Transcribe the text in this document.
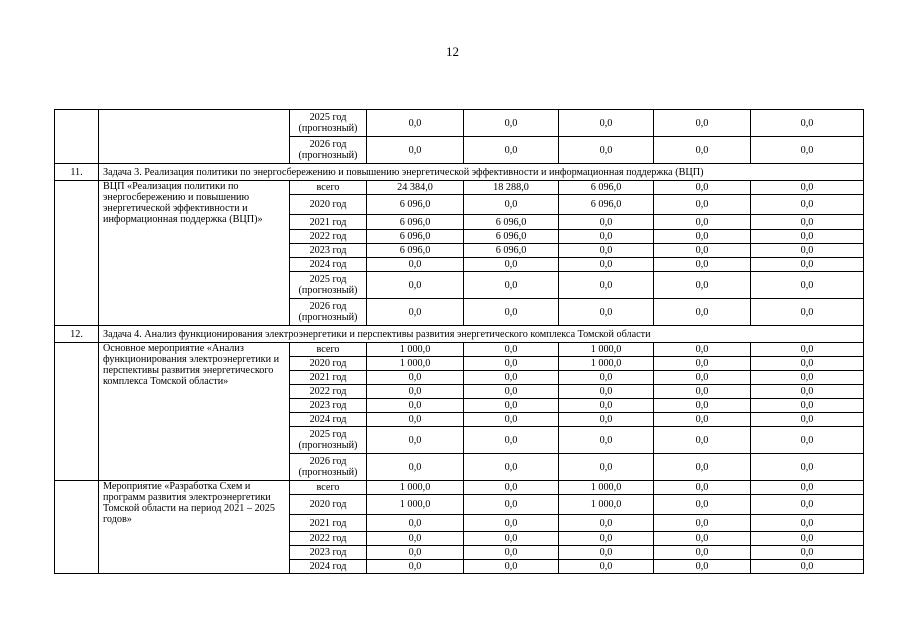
12
		2025 год (прогнозный)	0,0	0,0	0,0	0,0	0,0
		2026 год (прогнозный)	0,0	0,0	0,0	0,0	0,0
11.	Задача 3. Реализация политики по энергосбережению и повышению энергетической эффективности и информационная поддержка (ВЦП)						
	ВЦП «Реализация политики по энергосбережению и повышению энергетической эффективности и информационная поддержка (ВЦП)»	всего	24 384,0	18 288,0	6 096,0	0,0	0,0
		2020 год	6 096,0	0,0	6 096,0	0,0	0,0
		2021 год	6 096,0	6 096,0	0,0	0,0	0,0
		2022 год	6 096,0	6 096,0	0,0	0,0	0,0
		2023 год	6 096,0	6 096,0	0,0	0,0	0,0
		2024 год	0,0	0,0	0,0	0,0	0,0
		2025 год (прогнозный)	0,0	0,0	0,0	0,0	0,0
		2026 год (прогнозный)	0,0	0,0	0,0	0,0	0,0
12.	Задача 4. Анализ функционирования электроэнергетики и перспективы развития энергетического комплекса Томской области						
	Основное мероприятие «Анализ функционирования электроэнергетики и перспективы развития энергетического комплекса Томской области»	всего	1 000,0	0,0	1 000,0	0,0	0,0
		2020 год	1 000,0	0,0	1 000,0	0,0	0,0
		2021 год	0,0	0,0	0,0	0,0	0,0
		2022 год	0,0	0,0	0,0	0,0	0,0
		2023 год	0,0	0,0	0,0	0,0	0,0
		2024 год	0,0	0,0	0,0	0,0	0,0
		2025 год (прогнозный)	0,0	0,0	0,0	0,0	0,0
		2026 год (прогнозный)	0,0	0,0	0,0	0,0	0,0
	Мероприятие «Разработка Схем и программ развития электроэнергетики Томской области на период 2021 – 2025 годов»	всего	1 000,0	0,0	1 000,0	0,0	0,0
		2020 год	1 000,0	0,0	1 000,0	0,0	0,0
		2021 год	0,0	0,0	0,0	0,0	0,0
		2022 год	0,0	0,0	0,0	0,0	0,0
		2023 год	0,0	0,0	0,0	0,0	0,0
		2024 год	0,0	0,0	0,0	0,0	0,0
